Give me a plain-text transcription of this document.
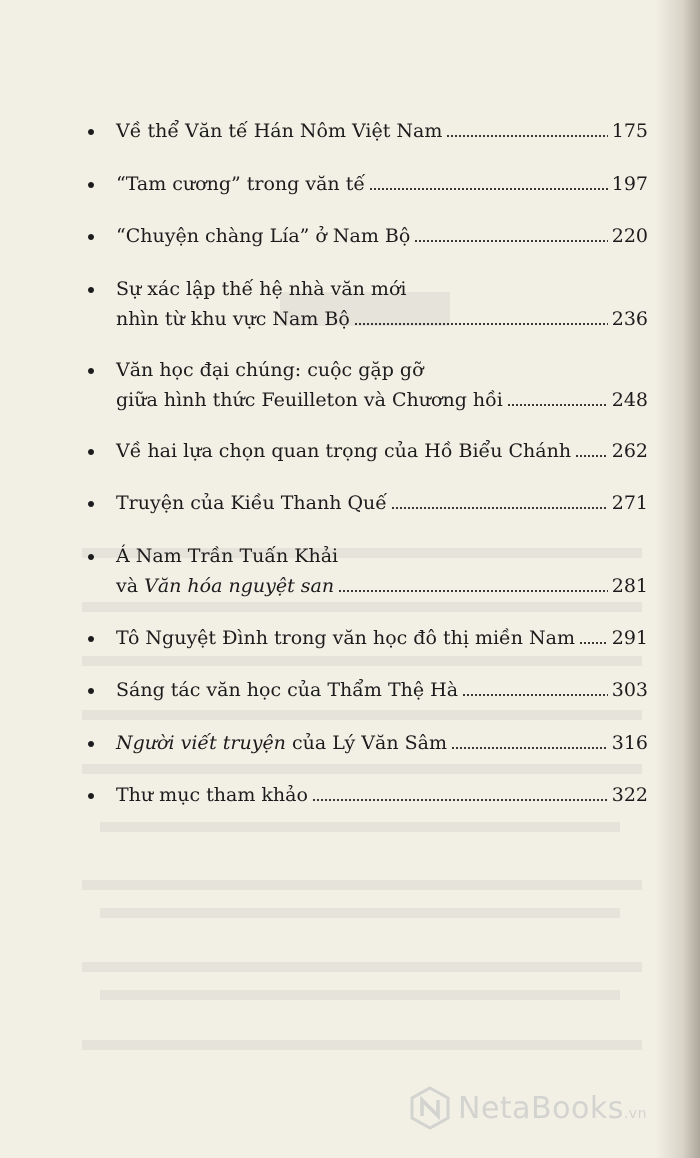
Về thể Văn tế Hán Nôm Việt Nam	175
“Tam cương” trong văn tế	197
“Chuyện chàng Lía” ở Nam Bộ	220
Sự xác lập thế hệ nhà văn mới
nhìn từ khu vực Nam Bộ	236
Văn học đại chúng: cuộc gặp gỡ
giữa hình thức Feuilleton và Chương hồi	248
Về hai lựa chọn quan trọng của Hồ Biểu Chánh 262
Truyện của Kiều Thanh Quế	271
Á Nam Trần Tuấn Khải
và Văn hóa nguyệt san	281
Tô Nguyệt Đình trong văn học đô thị miền Nam 291
Sáng tác văn học của Thẩm Thệ Hà	303
Người viết truyện của Lý Văn Sâm	316
Thư mục tham khảo	322
NetaBooks.vn
